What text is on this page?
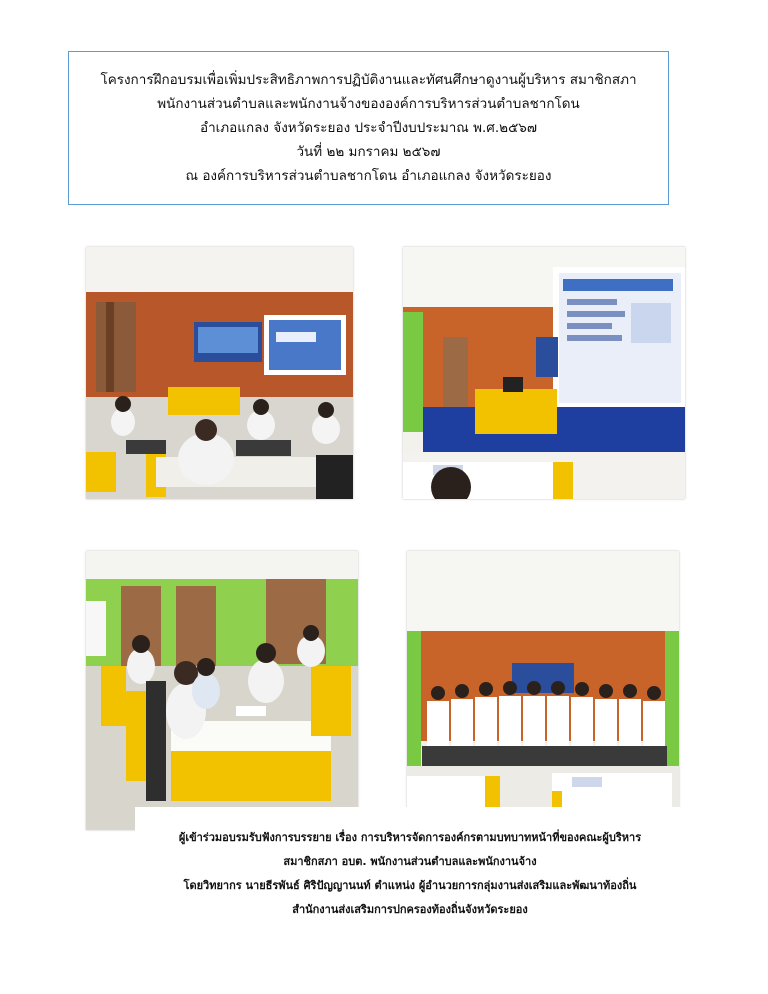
โครงการฝึกอบรมเพื่อเพิ่มประสิทธิภาพการปฏิบัติงานและทัศนศึกษาดูงานผู้บริหาร สมาชิกสภา
พนักงานส่วนตำบลและพนักงานจ้างขององค์การบริหารส่วนตำบลชากโดน
อำเภอแกลง จังหวัดระยอง ประจำปีงบประมาณ พ.ศ.๒๕๖๗
วันที่ ๒๒ มกราคม ๒๕๖๗
ณ องค์การบริหารส่วนตำบลชากโดน อำเภอแกลง จังหวัดระยอง
ผู้เข้าร่วมอบรมรับฟังการบรรยาย เรื่อง การบริหารจัดการองค์กรตามบทบาทหน้าที่ของคณะผู้บริหาร
สมาชิกสภา อบต. พนักงานส่วนตำบลและพนักงานจ้าง
โดยวิทยากร นายธีรพันธ์ ศิริปัญญานนท์ ตำแหน่ง ผู้อำนวยการกลุ่มงานส่งเสริมและพัฒนาท้องถิ่น
สำนักงานส่งเสริมการปกครองท้องถิ่นจังหวัดระยอง
